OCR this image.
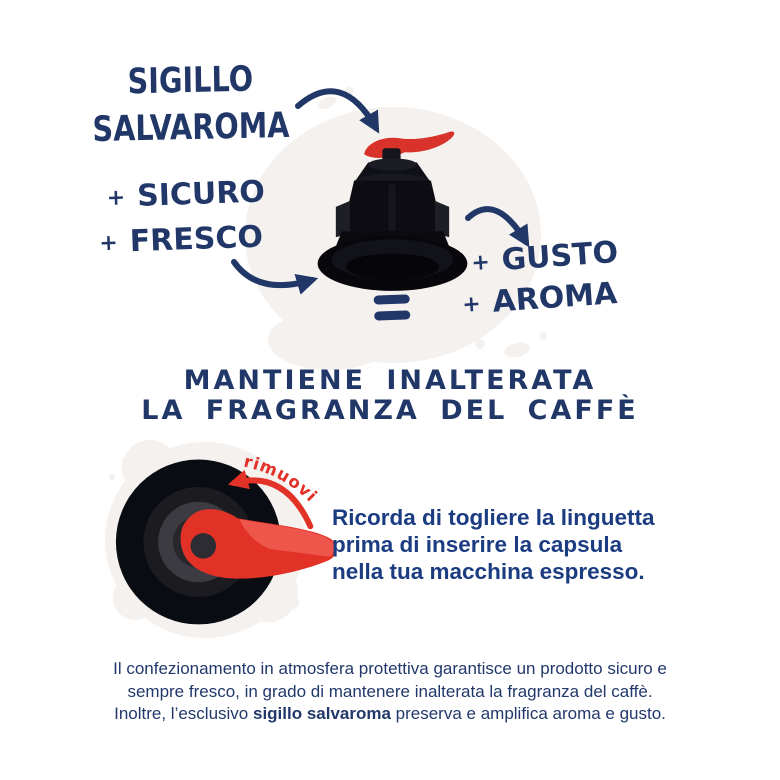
SIGILLO
SALVAROMA
+ SICURO
+ FRESCO
+ GUSTO
+ AROMA
MANTIENE INALTERATA
LA FRAGRANZA DEL CAFFÈ
rimuovi
Ricorda di togliere la linguetta
prima di inserire la capsula
nella tua macchina espresso.
Il confezionamento in atmosfera protettiva garantisce un prodotto sicuro e
sempre fresco, in grado di mantenere inalterata la fragranza del caffè.
Inoltre, l’esclusivo sigillo salvaroma preserva e amplifica aroma e gusto.
